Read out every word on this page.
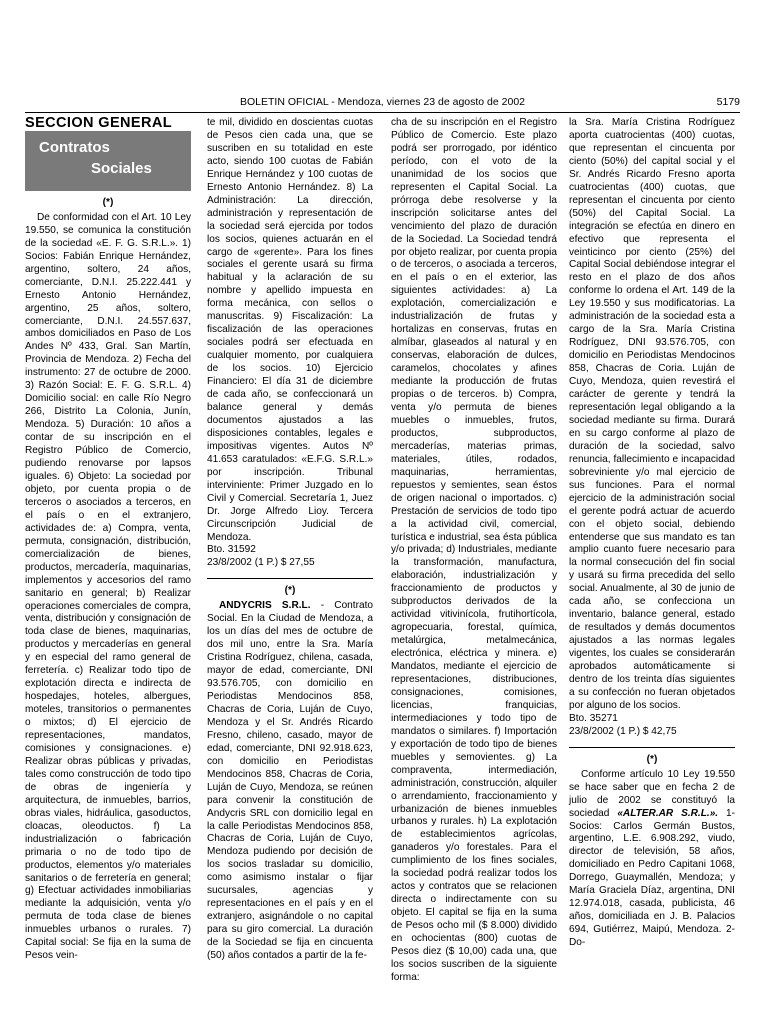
BOLETIN OFICIAL - Mendoza, viernes 23 de agosto de 2002	5179
SECCION GENERAL
Contratos
Sociales

(*)

De conformidad con el Art. 10 Ley 19.550, se comunica la constitución de la sociedad «E. F. G. S.R.L.». 1) Socios: Fabián Enrique Hernández, argentino, soltero, 24 años, comerciante, D.N.I. 25.222.441 y Ernesto Antonio Hernández, argentino, 25 años, soltero, comerciante, D.N.I. 24.557.637, ambos domiciliados en Paso de Los Andes Nº 433, Gral. San Martín, Provincia de Mendoza. 2) Fecha del instrumento: 27 de octubre de 2000. 3) Razón Social: E. F. G. S.R.L. 4) Domicilio social: en calle Río Negro 266, Distrito La Colonia, Junín, Mendoza. 5) Duración: 10 años a contar de su inscripción en el Registro Público de Comercio, pudiendo renovarse por lapsos iguales. 6) Objeto: La sociedad por objeto, por cuenta propia o de terceros o asociados a terceros, en el país o en el extranjero, actividades de: a) Compra, venta, permuta, consignación, distribución, comercialización de bienes, productos, mercadería, maquinarias, implementos y accesorios del ramo sanitario en general; b) Realizar operaciones comerciales de compra, venta, distribución y consignación de toda clase de bienes, maquinarias, productos y mercaderías en general y en especial del ramo general de ferretería. c) Realizar todo tipo de explotación directa e indirecta de hospedajes, hoteles, albergues, moteles, transitorios o permanentes o mixtos; d) El ejercicio de representaciones, mandatos, comisiones y consignaciones. e) Realizar obras públicas y privadas, tales como construcción de todo tipo de obras de ingeniería y arquitectura, de inmuebles, barrios, obras viales, hidráulica, gasoductos, cloacas, oleoductos. f) La industrialización o fabricación primaria o no de todo tipo de productos, elementos y/o materiales sanitarios o de ferretería en general; g) Efectuar actividades inmobiliarias mediante la adquisición, venta y/o permuta de toda clase de bienes inmuebles urbanos o rurales. 7) Capital social: Se fija en la suma de Pesos vein-

te mil, dividido en doscientas cuotas de Pesos cien cada una, que se suscriben en su totalidad en este acto, siendo 100 cuotas de Fabián Enrique Hernández y 100 cuotas de Ernesto Antonio Hernández. 8) La Administración: La dirección, administración y representación de la sociedad será ejercida por todos los socios, quienes actuarán en el cargo de «gerente». Para los fines sociales el gerente usará su firma habitual y la aclaración de su nombre y apellido impuesta en forma mecánica, con sellos o manuscritas. 9) Fiscalización: La fiscalización de las operaciones sociales podrá ser efectuada en cualquier momento, por cualquiera de los socios. 10) Ejercicio Financiero: El día 31 de diciembre de cada año, se confeccionará un balance general y demás documentos ajustados a las disposiciones contables, legales e impositivas vigentes. Autos Nº 41.653 caratulados: «E.F.G. S.R.L.» por inscripción. Tribunal interviniente: Primer Juzgado en lo Civil y Comercial. Secretaría 1, Juez Dr. Jorge Alfredo Lioy. Tercera Circunscripción Judicial de Mendoza.

Bto. 31592

23/8/2002 (1 P.) $ 27,55

(*)

ANDYCRIS S.R.L. - Contrato Social. En la Ciudad de Mendoza, a los un días del mes de octubre de dos mil uno, entre la Sra. María Cristina Rodríguez, chilena, casada, mayor de edad, comerciante, DNI 93.576.705, con domicilio en Periodistas Mendocinos 858, Chacras de Coria, Luján de Cuyo, Mendoza y el Sr. Andrés Ricardo Fresno, chileno, casado, mayor de edad, comerciante, DNI 92.918.623, con domicilio en Periodistas Mendocinos 858, Chacras de Coria, Luján de Cuyo, Mendoza, se reúnen para convenir la constitución de Andycris SRL con domicilio legal en la calle Periodistas Mendocinos 858, Chacras de Coria, Luján de Cuyo, Mendoza pudiendo por decisión de los socios trasladar su domicilio, como asimismo instalar o fijar sucursales, agencias y representaciones en el país y en el extranjero, asignándole o no capital para su giro comercial. La duración de la Sociedad se fija en cincuenta (50) años contados a partir de la fe-

cha de su inscripción en el Registro Público de Comercio. Este plazo podrá ser prorrogado, por idéntico período, con el voto de la unanimidad de los socios que representen el Capital Social. La prórroga debe resolverse y la inscripción solicitarse antes del vencimiento del plazo de duración de la Sociedad. La Sociedad tendrá por objeto realizar, por cuenta propia o de terceros, o asociada a terceros, en el país o en el exterior, las siguientes actividades: a) La explotación, comercialización e industrialización de frutas y hortalizas en conservas, frutas en almíbar, glaseados al natural y en conservas, elaboración de dulces, caramelos, chocolates y afines mediante la producción de frutas propias o de terceros. b) Compra, venta y/o permuta de bienes muebles o inmuebles, frutos, productos, subproductos, mercaderías, materias primas, materiales, útiles, rodados, maquinarias, herramientas, repuestos y semientes, sean éstos de origen nacional o importados. c) Prestación de servicios de todo tipo a la actividad civil, comercial, turística e industrial, sea ésta pública y/o privada; d) Industriales, mediante la transformación, manufactura, elaboración, industrialización y fraccionamiento de productos y subproductos derivados de la actividad vitivinícola, frutihortícola, agropecuaria, forestal, química, metalúrgica, metalmecánica, electrónica, eléctrica y minera. e) Mandatos, mediante el ejercicio de representaciones, distribuciones, consignaciones, comisiones, licencias, franquicias, intermediaciones y todo tipo de mandatos o similares. f) Importación y exportación de todo tipo de bienes muebles y semovientes. g) La compraventa, intermediación, administración, construcción, alquiler o arrendamiento, fraccionamiento y urbanización de bienes inmuebles urbanos y rurales. h) La explotación de establecimientos agrícolas, ganaderos y/o forestales. Para el cumplimiento de los fines sociales, la sociedad podrá realizar todos los actos y contratos que se relacionen directa o indirectamente con su objeto. El capital se fija en la suma de Pesos ocho mil ($ 8.000) dividido en ochocientas (800) cuotas de Pesos diez ($ 10,00) cada una, que los socios suscriben de la siguiente forma:

la Sra. María Cristina Rodríguez aporta cuatrocientas (400) cuotas, que representan el cincuenta por ciento (50%) del capital social y el Sr. Andrés Ricardo Fresno aporta cuatrocientas (400) cuotas, que representan el cincuenta por ciento (50%) del Capital Social. La integración se efectúa en dinero en efectivo que representa el veinticinco por ciento (25%) del Capital Social debiéndose integrar el resto en el plazo de dos años conforme lo ordena el Art. 149 de la Ley 19.550 y sus modificatorias. La administración de la sociedad esta a cargo de la Sra. María Cristina Rodríguez, DNI 93.576.705, con domicilio en Periodistas Mendocinos 858, Chacras de Coria. Luján de Cuyo, Mendoza, quien revestirá el carácter de gerente y tendrá la representación legal obligando a la sociedad mediante su firma. Durará en su cargo conforme al plazo de duración de la sociedad, salvo renuncia, fallecimiento e incapacidad sobreviniente y/o mal ejercicio de sus funciones. Para el normal ejercicio de la administración social el gerente podrá actuar de acuerdo con el objeto social, debiendo entenderse que sus mandato es tan amplio cuanto fuere necesario para la normal consecución del fin social y usará su firma precedida del sello social. Anualmente, al 30 de junio de cada año, se confecciona un inventario, balance general, estado de resultados y demás documentos ajustados a las normas legales vigentes, los cuales se considerarán aprobados automáticamente si dentro de los treinta días siguientes a su confección no fueran objetados por alguno de los socios.

Bto. 35271

23/8/2002 (1 P.) $ 42,75

(*)

Conforme artículo 10 Ley 19.550 se hace saber que en fecha 2 de julio de 2002 se constituyó la sociedad «ALTER.AR S.R.L.». 1- Socios: Carlos Germán Bustos, argentino, L.E. 6.908.292, viudo, director de televisión, 58 años, domiciliado en Pedro Capitani 1068, Dorrego, Guaymallén, Mendoza; y María Graciela Díaz, argentina, DNI 12.974.018, casada, publicista, 46 años, domiciliada en J. B. Palacios 694, Gutiérrez, Maipú, Mendoza. 2- Do-
